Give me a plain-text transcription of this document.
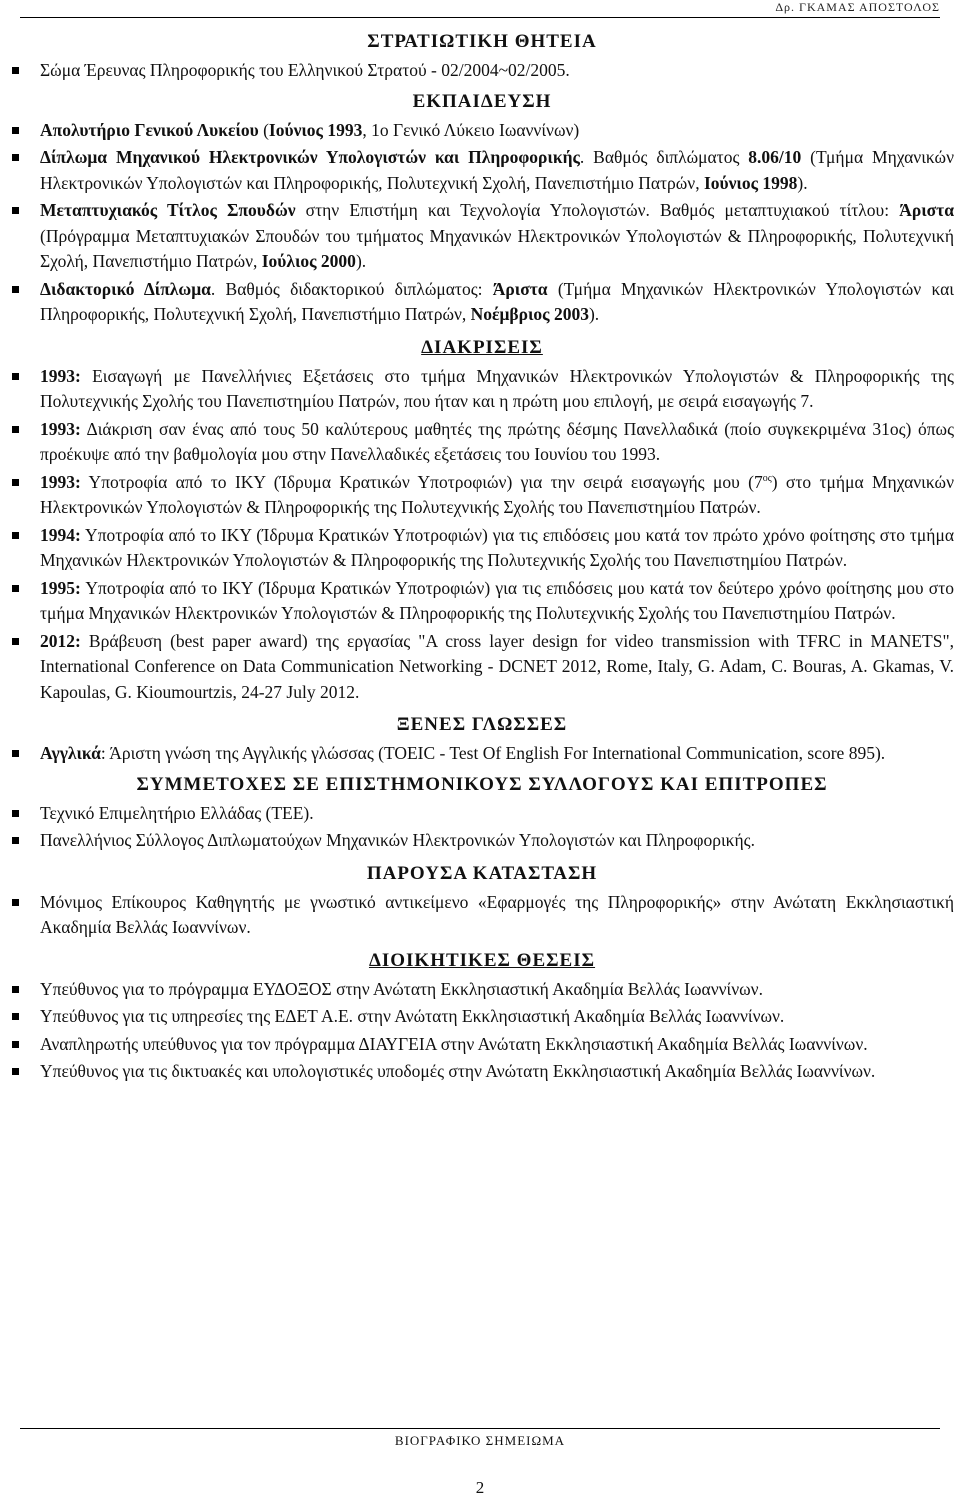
Δρ. ΓΚΑΜΑΣ ΑΠΟΣΤΟΛΟΣ
ΣΤΡΑΤΙΩΤΙΚΗ ΘΗΤΕΙΑ
Σώμα Έρευνας Πληροφορικής του Ελληνικού Στρατού - 02/2004~02/2005.
ΕΚΠΑΙΔΕΥΣΗ
Απολυτήριο Γενικού Λυκείου (Ιούνιος 1993, 1ο Γενικό Λύκειο Ιωαννίνων)
Δίπλωμα Μηχανικού Ηλεκτρονικών Υπολογιστών και Πληροφορικής. Βαθμός διπλώματος 8.06/10 (Τμήμα Μηχανικών Ηλεκτρονικών Υπολογιστών και Πληροφορικής, Πολυτεχνική Σχολή, Πανεπιστήμιο Πατρών, Ιούνιος 1998).
Μεταπτυχιακός Τίτλος Σπουδών στην Επιστήμη και Τεχνολογία Υπολογιστών. Βαθμός μεταπτυχιακού τίτλου: Άριστα (Πρόγραμμα Μεταπτυχιακών Σπουδών του τμήματος Μηχανικών Ηλεκτρονικών Υπολογιστών & Πληροφορικής, Πολυτεχνική Σχολή, Πανεπιστήμιο Πατρών, Ιούλιος 2000).
Διδακτορικό Δίπλωμα. Βαθμός διδακτορικού διπλώματος: Άριστα (Τμήμα Μηχανικών Ηλεκτρονικών Υπολογιστών και Πληροφορικής, Πολυτεχνική Σχολή, Πανεπιστήμιο Πατρών, Νοέμβριος 2003).
ΔΙΑΚΡΙΣΕΙΣ
1993: Εισαγωγή με Πανελλήνιες Εξετάσεις στο τμήμα Μηχανικών Ηλεκτρονικών Υπολογιστών & Πληροφορικής της Πολυτεχνικής Σχολής του Πανεπιστημίου Πατρών, που ήταν και η πρώτη μου επιλογή, με σειρά εισαγωγής 7.
1993: Διάκριση σαν ένας από τους 50 καλύτερους μαθητές της πρώτης δέσμης Πανελλαδικά (ποίο συγκεκριμένα 31ος) όπως προέκυψε από την βαθμολογία μου στην Πανελλαδικές εξετάσεις του Ιουνίου του 1993.
1993: Υποτροφία από το ΙΚΥ (Ίδρυμα Κρατικών Υποτροφιών) για την σειρά εισαγωγής μου $(7^{o\varsigma})$ στο τμήμα Μηχανικών Ηλεκτρονικών Υπολογιστών & Πληροφορικής της Πολυτεχνικής Σχολής του Πανεπιστημίου Πατρών.
1994: Υποτροφία από το ΙΚΥ (Ίδρυμα Κρατικών Υποτροφιών) για τις επιδόσεις μου κατά τον πρώτο χρόνο φοίτησης στο τμήμα Μηχανικών Ηλεκτρονικών Υπολογιστών & Πληροφορικής της Πολυτεχνικής Σχολής του Πανεπιστημίου Πατρών.
1995: Υποτροφία από το ΙΚΥ (Ίδρυμα Κρατικών Υποτροφιών) για τις επιδόσεις μου κατά τον δεύτερο χρόνο φοίτησης μου στο τμήμα Μηχανικών Ηλεκτρονικών Υπολογιστών & Πληροφορικής της Πολυτεχνικής Σχολής του Πανεπιστημίου Πατρών.
2012: Βράβευση (best paper award) της εργασίας "A cross layer design for video transmission with TFRC in MANETS", International Conference on Data Communication Networking - DCNET 2012, Rome, Italy, G. Adam, C. Bouras, A. Gkamas, V. Kapoulas, G. Kioumourtzis, 24-27 July 2012.
ΞΕΝΕΣ ΓΛΩΣΣΕΣ
Αγγλικά: Άριστη γνώση της Αγγλικής γλώσσας (TOEIC - Test Of English For International Communication, score 895).
ΣΥΜΜΕΤΟΧΕΣ ΣΕ ΕΠΙΣΤΗΜΟΝΙΚΟΥΣ ΣΥΛΛΟΓΟΥΣ ΚΑΙ ΕΠΙΤΡΟΠΕΣ
Τεχνικό Επιμελητήριο Ελλάδας (ΤΕΕ).
Πανελλήνιος Σύλλογος Διπλωματούχων Μηχανικών Ηλεκτρονικών Υπολογιστών και Πληροφορικής.
ΠΑΡΟΥΣΑ ΚΑΤΑΣΤΑΣΗ
Μόνιμος Επίκουρος Καθηγητής με γνωστικό αντικείμενο «Εφαρμογές της Πληροφορικής» στην Ανώτατη Εκκλησιαστική Ακαδημία Βελλάς Ιωαννίνων.
ΔΙΟΙΚΗΤΙΚΕΣ ΘΕΣΕΙΣ
Υπεύθυνος για το πρόγραμμα ΕΥΔΟΞΟΣ στην Ανώτατη Εκκλησιαστική Ακαδημία Βελλάς Ιωαννίνων.
Υπεύθυνος για τις υπηρεσίες της ΕΔΕΤ Α.Ε. στην Ανώτατη Εκκλησιαστική Ακαδημία Βελλάς Ιωαννίνων.
Αναπληρωτής υπεύθυνος για τον πρόγραμμα ΔΙΑΥΓΕΙΑ στην Ανώτατη Εκκλησιαστική Ακαδημία Βελλάς Ιωαννίνων.
Υπεύθυνος για τις δικτυακές και υπολογιστικές υποδομές στην Ανώτατη Εκκλησιαστική Ακαδημία Βελλάς Ιωαννίνων.
ΒΙΟΓΡΑΦΙΚΟ ΣΗΜΕΙΩΜΑ
2
